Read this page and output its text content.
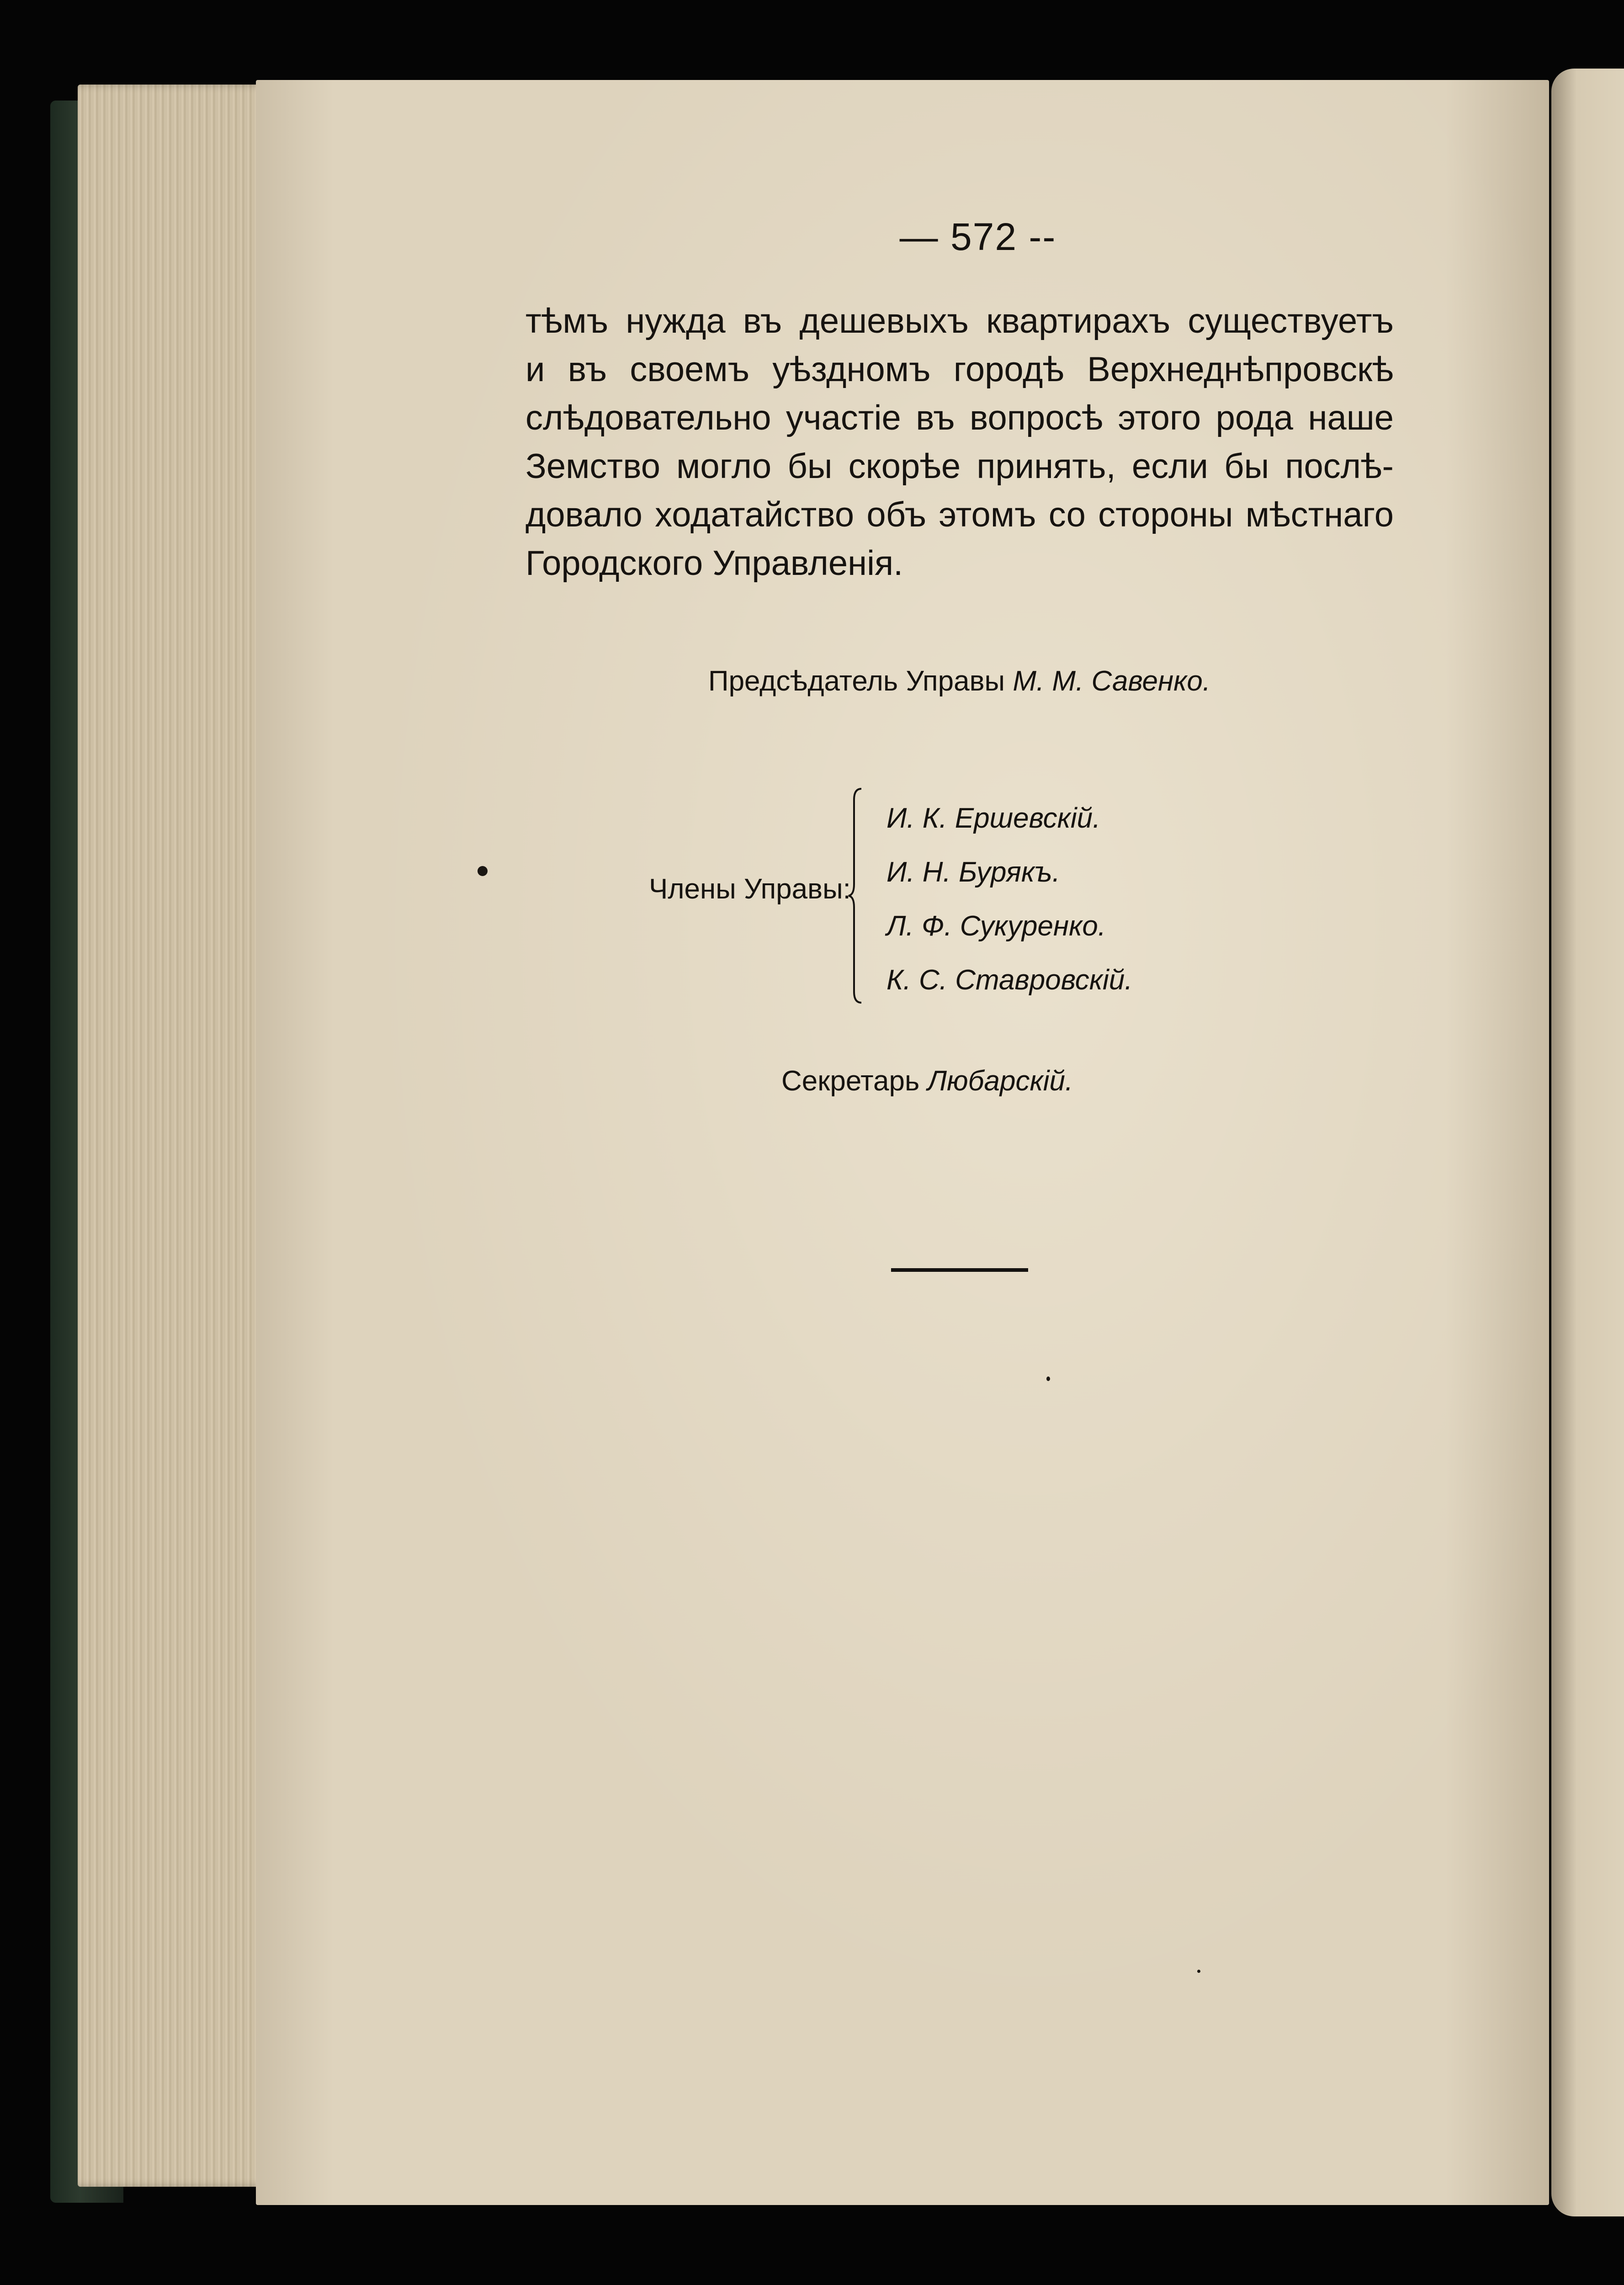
— 572 --
тѣмъ нужда въ дешевыхъ квартирахъ существуетъ
и въ своемъ уѣздномъ городѣ Верхнеднѣпровскѣ
слѣдовательно участіе въ вопросѣ этого рода наше
Земство могло бы скорѣе принять, если бы послѣ-
довало ходатайство объ этомъ со стороны мѣстнаго
Городского Управленія.
Предсѣдатель Управы М. М. Савенко.
Члены Управы:
И. К. Ершевскій.
И. Н. Бурякъ.
Л. Ф. Сукуренко.
К. С. Ставровскій.
Секретарь Любарскій.
